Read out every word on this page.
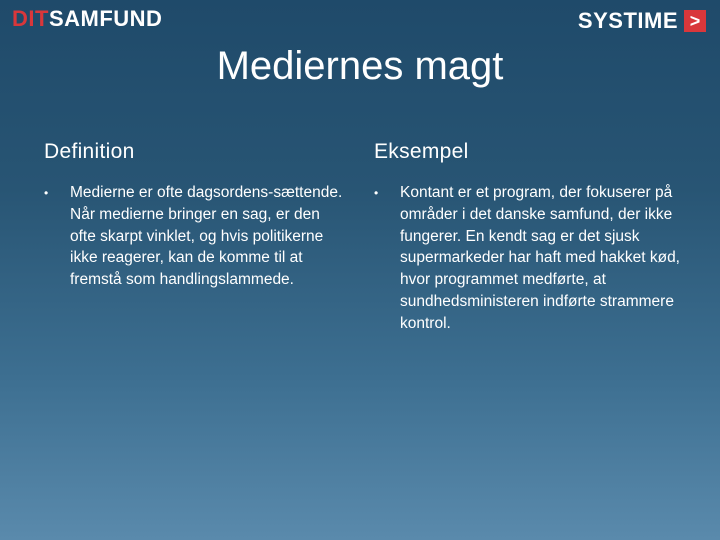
DITSAMFUND	SYSTIME >
Mediernes magt
Definition
•	Medierne er ofte dagsordens-sættende. Når medierne bringer en sag, er den ofte skarpt vinklet, og hvis politikerne ikke reagerer, kan de komme til at fremstå som handlingslammede.
Eksempel
•	Kontant er et program, der fokuserer på områder i det danske samfund, der ikke fungerer. En kendt sag er det sjusk supermarkeder har haft med hakket kød, hvor programmet medførte, at sundhedsministeren indførte strammere kontrol.
